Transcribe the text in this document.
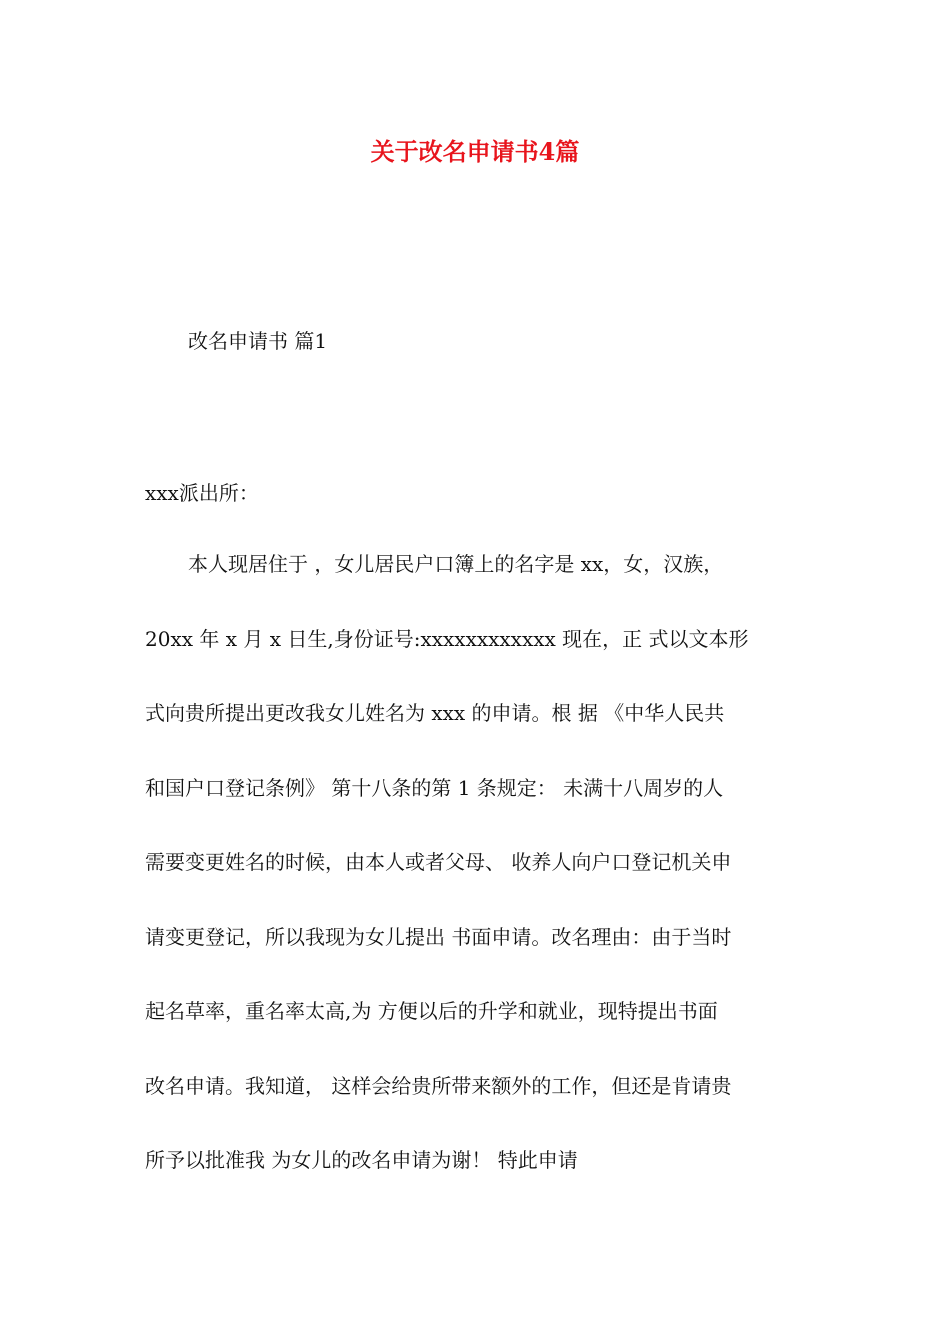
关于改名申请书4篇

改名申请书 篇1

xxx派出所：

本人现居住于 ，女儿居民户口簿上的名字是 xx，女，汉族，
20xx 年 x 月 x 日生,身份证号:xxxxxxxxxxxx 现在，正 式以文本形
式向贵所提出更改我女儿姓名为 xxx 的申请。根 据 《中华人民共
和国户口登记条例》 第十八条的第 1 条规定： 未满十八周岁的人
需要变更姓名的时候，由本人或者父母、 收养人向户口登记机关申
请变更登记，所以我现为女儿提出 书面申请。改名理由：由于当时
起名草率，重名率太高,为 方便以后的升学和就业，现特提出书面
改名申请。我知道， 这样会给贵所带来额外的工作，但还是肯请贵
所予以批准我 为女儿的改名申请为谢！ 特此申请
